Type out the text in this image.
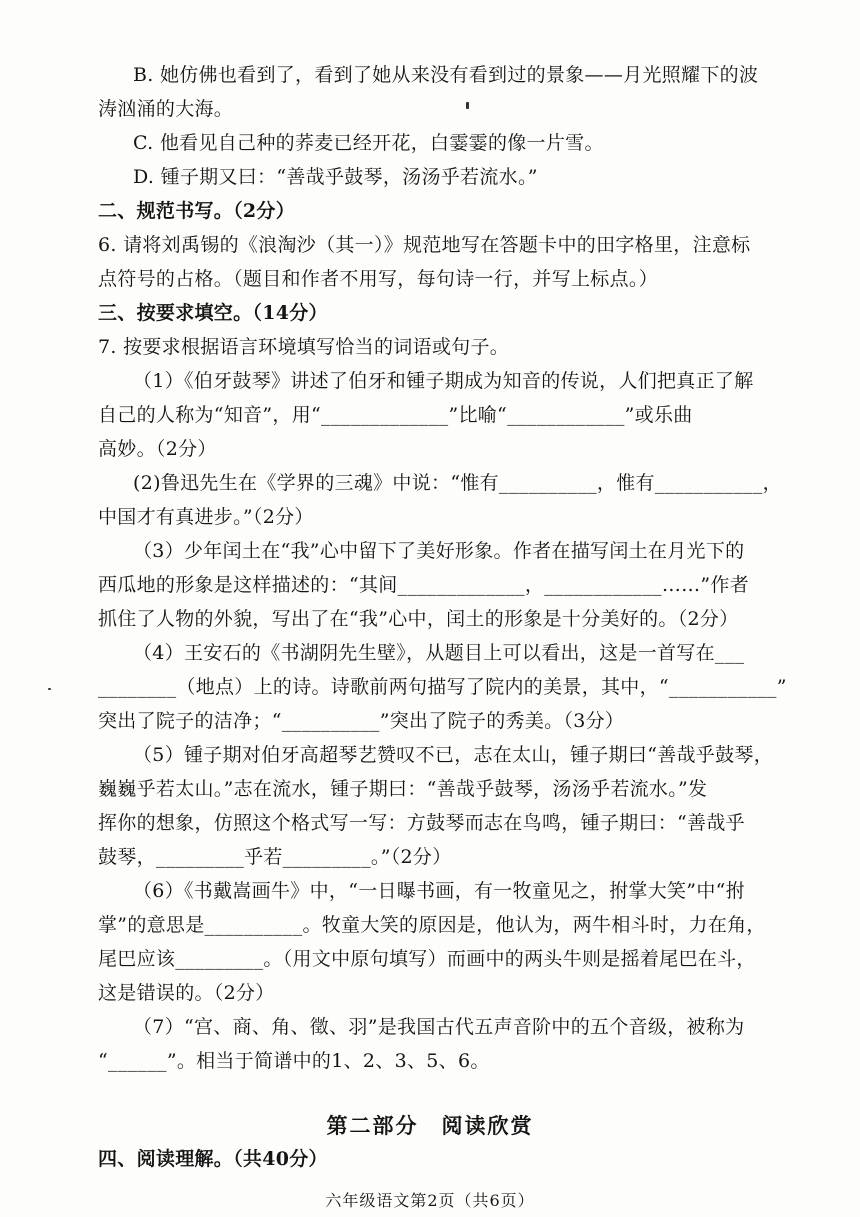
B. 她仿佛也看到了，看到了她从来没有看到过的景象——月光照耀下的波
涛汹涌的大海。
C. 他看见自己种的荞麦已经开花，白霎霎的像一片雪。
D. 锺子期又曰：“善哉乎鼓琴，汤汤乎若流水。”
二、规范书写。（2分）
6. 请将刘禹锡的《浪淘沙（其一）》规范地写在答题卡中的田字格里，注意标
点符号的占格。（题目和作者不用写，每句诗一行，并写上标点。）
三、按要求填空。（14分）
7. 按要求根据语言环境填写恰当的词语或句子。
（1）《伯牙鼓琴》讲述了伯牙和锺子期成为知音的传说，人们把真正了解
自己的人称为“知音”，用“_____________”比喻“____________”或乐曲
高妙。（2分）
(2)鲁迅先生在《学界的三魂》中说：“惟有__________，惟有___________，
中国才有真进步。”（2分）
（3）少年闰土在“我”心中留下了美好形象。作者在描写闰土在月光下的
西瓜地的形象是这样描述的：“其间_____________，____________……”作者
抓住了人物的外貌，写出了在“我”心中，闰土的形象是十分美好的。（2分）
（4）王安石的《书湖阴先生壁》，从题目上可以看出，这是一首写在___
________（地点）上的诗。诗歌前两句描写了院内的美景，其中，“___________”
突出了院子的洁净；“__________”突出了院子的秀美。（3分）
（5）锺子期对伯牙高超琴艺赞叹不已，志在太山，锺子期曰“善哉乎鼓琴，
巍巍乎若太山。”志在流水，锺子期曰：“善哉乎鼓琴，汤汤乎若流水。”发
挥你的想象，仿照这个格式写一写：方鼓琴而志在鸟鸣，锺子期曰：“善哉乎
鼓琴，_________乎若_________。”（2分）
（6）《书戴嵩画牛》中，“一日曝书画，有一牧童见之，拊掌大笑”中“拊
掌”的意思是__________。牧童大笑的原因是，他认为，两牛相斗时，力在角，
尾巴应该_________。（用文中原句填写）而画中的两头牛则是摇着尾巴在斗，
这是错误的。（2分）
（7）“宫、商、角、徵、羽”是我国古代五声音阶中的五个音级，被称为
“______”。相当于简谱中的1、2、3、5、6。
第二部分　阅读欣赏
四、阅读理解。（共40分）
六年级语文第2页（共6页）
